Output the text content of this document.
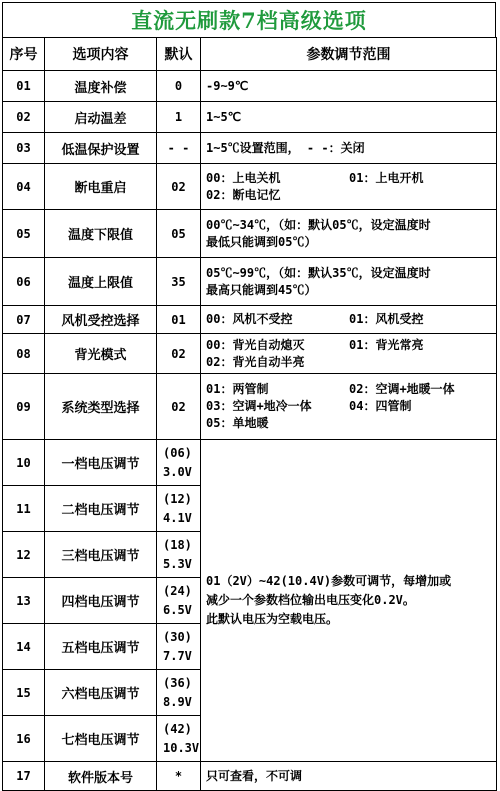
直流无刷款7档高级选项
序号	选项内容	默认	参数调节范围
01	温度补偿	0	-9~9℃

02	启动温差	1	1~5℃

03	低温保护设置	- -	1~5℃设置范围， - -：关闭

04	断电重启	02	00：上电关机 01：上电开机
02：断电记忆

05	温度下限值	05	00℃~34℃，（如：默认05℃，设定温度时
最低只能调到05℃）

06	温度上限值	35	05℃~99℃，（如：默认35℃，设定温度时
最高只能调到45℃）

07	风机受控选择	01	00：风机不受控 01：风机受控

08	背光模式	02	00：背光自动熄灭 01：背光常亮
02：背光自动半亮

09	系统类型选择	02	01：两管制 02：空调+地暖一体
03：空调+地冷一体 04：四管制
05：单地暖

10	一档电压调节	(06)
3.0V	01（2V）~42(10.4V)参数可调节，每增加或
减少一个参数档位输出电压变化0.2V。
此默认电压为空载电压。

11	二档电压调节	(12)
4.1V	

12	三档电压调节	(18)
5.3V	

13	四档电压调节	(24)
6.5V	

14	五档电压调节	(30)
7.7V	

15	六档电压调节	(36)
8.9V	

16	七档电压调节	(42)
10.3V	

17	软件版本号	*	只可查看，不可调
